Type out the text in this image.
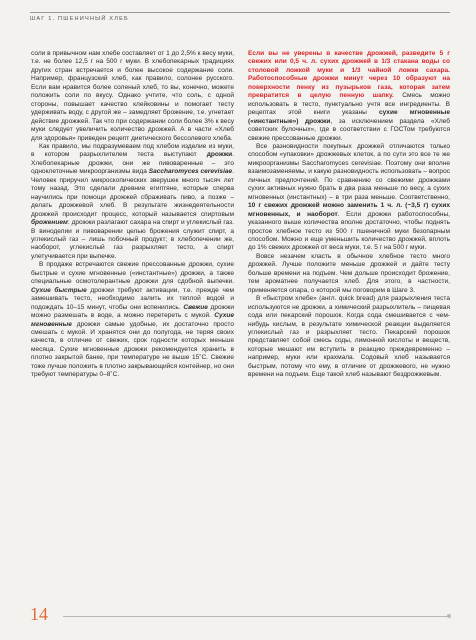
ШАГ 1. ПШЕНИЧНЫЙ ХЛЕБ

соли в привычном нам хлебе составляет от 1 до 2,5% к весу муки, т.е. не более 12,5 г на 500 г муки. В хлебопекарных традициях других стран встречается и более высокое содержание соли. Например, французский хлеб, как правило, солонее русского. Если вам нравится более соленый хлеб, то вы, конечно, можете положить соли по вкусу. Однако учтите, что соль, с одной стороны, повышает качество клейковины и помогает тесту удерживать воду, с другой же – замедляет брожение, т.е. угнетает действие дрожжей. Так что при содержании соли более 3% к весу муки следует увеличить количество дрожжей. А в части «Хлеб для здоровья» приведен рецепт диетического бессолевого хлеба.

Как правило, мы подразумеваем под хлебом изделие из муки, в котором разрыхлителем теста выступают дрожжи. Хлебопекарные дрожжи, они же пивоваренные – это одноклеточные микроорганизмы вида Saccharomyces cerevisiae. Человек приручил микроскопических зверушек много тысяч лет тому назад. Это сделали древние египтяне, которые сперва научились при помощи дрожжей сбраживать пиво, а позже – делать дрожжевой хлеб. В результате жизнедеятельности дрожжей происходит процесс, который называется спиртовым брожением: дрожжи разлагают сахара на спирт и углекислый газ. В виноделии и пивоварении целью брожения служит спирт, а углекислый газ – лишь побочный продукт; в хлебопечении же, наоборот, углекислый газ разрыхляет тесто, а спирт улетучивается при выпечке.

В продаже встречаются свежие прессованные дрожжи, сухие быстрые и сухие мгновенные («инстантные») дрожжи, а также специальные осмотолерантные дрожжи для сдобной выпечки. Сухие быстрые дрожжи требуют активации, т.е. прежде чем замешивать тесто, необходимо залить их теплой водой и подождать 10–15 минут, чтобы они вспенились. Свежие дрожжи можно размешать в воде, а можно перетереть с мукой. Сухие мгновенные дрожжи самые удобные, их достаточно просто смешать с мукой. И хранятся они до полугода, не теряя своих качеств, в отличие от свежих, срок годности которых меньше месяца. Сухие мгновенные дрожжи рекомендуется хранить в плотно закрытой банке, при температуре не выше 15˚С. Свежие тоже лучше положить в плотно закрывающийся контейнер, но они требуют температуры 0–8˚С.

Если вы не уверены в качестве дрожжей, разведите 5 г свежих или 0,5 ч. л. сухих дрожжей в 1/3 стакана воды со столовой ложкой муки и 1/3 чайной ложки сахара. Работоспособные дрожжи минут через 10 образуют на поверхности пенку из пузырьков газа, которая затем превратится в целую пенную шапку. Смесь можно использовать в тесто, пунктуально учтя все ингредиенты. В рецептах этой книги указаны сухие мгновенные («инстантные») дрожжи, за исключением раздела «Хлеб советских булочных», где в соответствии с ГОСТом требуются свежие прессованные дрожжи.

Все разновидности покупных дрожжей отличаются только способом «упаковки» дрожжевых клеток, а по сути это все те же микроорганизмы Saccharomyces cerevisiae. Поэтому они вполне взаимозаменяемы, и какую разновидность использовать – вопрос личных предпочтений. По сравнению со свежими дрожжами сухих активных нужно брать в два раза меньше по весу, а сухих мгновенных (инстантных) – в три раза меньше. Соответственно, 10 г свежих дрожжей можно заменить 1 ч. л. (~3,5 г) сухих мгновенных, и наоборот. Если дрожжи работоспособны, указанного выше количества вполне достаточно, чтобы поднять простое хлебное тесто из 500 г пшеничной муки безопарным способом. Можно и еще уменьшить количество дрожжей, вплоть до 1% свежих дрожжей от веса муки, т.е. 5 г на 500 г муки.

Вовсе незачем класть в обычное хлебное тесто много дрожжей. Лучше положите меньше дрожжей и дайте тесту больше времени на подъем. Чем дольше происходит брожение, тем ароматнее получается хлеб. Для этого, в частности, применяется опара, о которой мы поговорим в Шаге 3.

В «быстром хлебе» (англ. quick bread) для разрыхления теста используются не дрожжи, а химический разрыхлитель – пищевая сода или пекарский порошок. Когда сода смешивается с чем-нибудь кислым, в результате химической реакции выделяется углекислый газ и разрыхляет тесто. Пекарский порошок представляет собой смесь соды, лимонной кислоты и веществ, которые мешают им вступить в реакцию преждевременно – например, муки или крахмала. Содовый хлеб называется быстрым, потому что ему, в отличие от дрожжевого, не нужно времени на подъем. Еще такой хлеб называют бездрожжевым.

14
